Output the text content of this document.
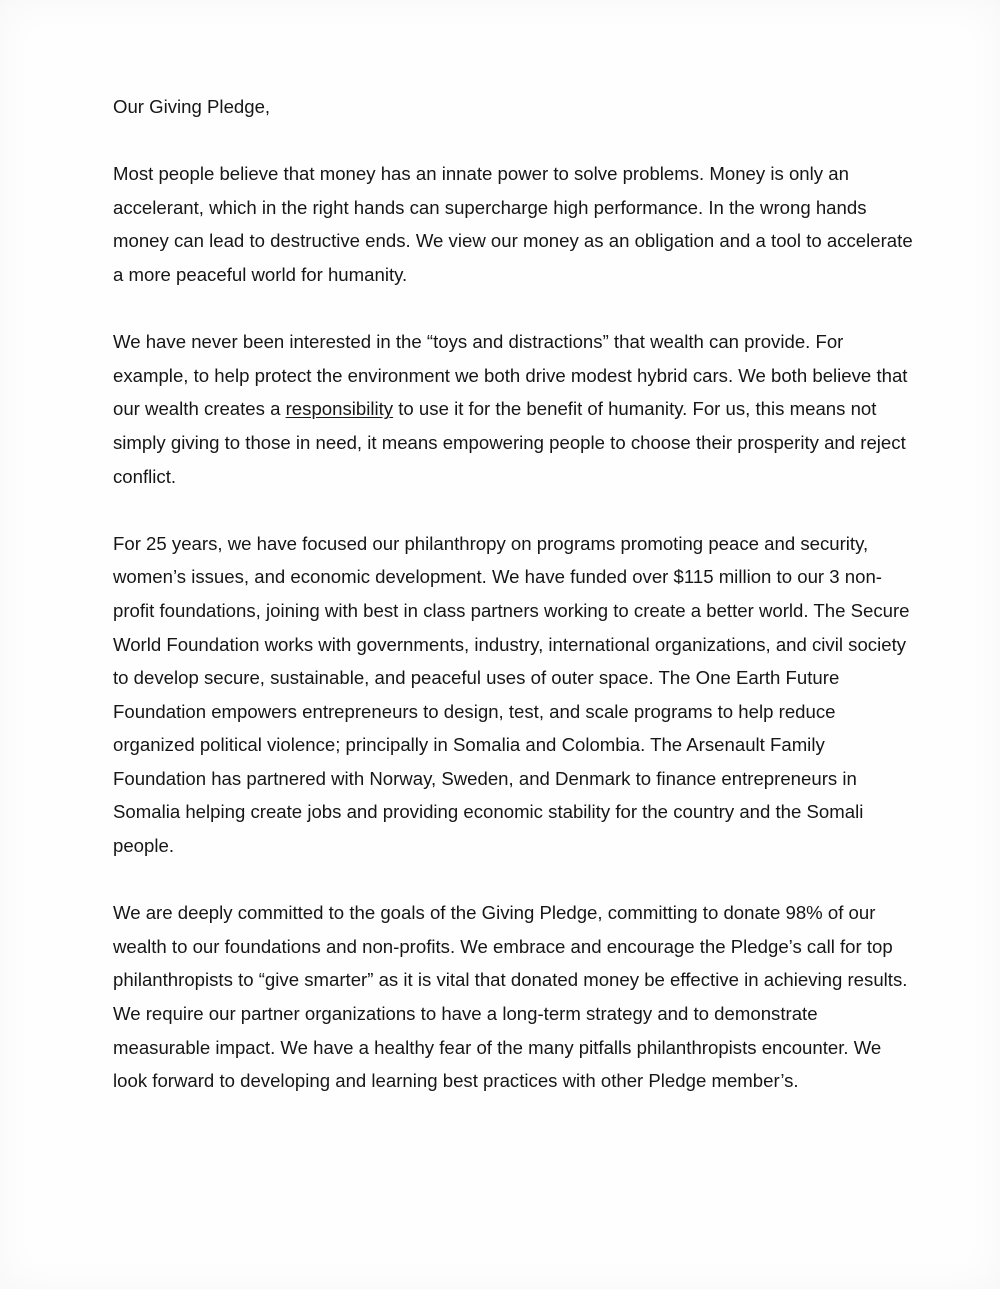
Our Giving Pledge,

Most people believe that money has an innate power to solve problems. Money is only an accelerant, which in the right hands can supercharge high performance. In the wrong hands money can lead to destructive ends. We view our money as an obligation and a tool to accelerate a more peaceful world for humanity.

We have never been interested in the “toys and distractions” that wealth can provide. For example, to help protect the environment we both drive modest hybrid cars. We both believe that our wealth creates a responsibility to use it for the benefit of humanity. For us, this means not simply giving to those in need, it means empowering people to choose their prosperity and reject conflict.

For 25 years, we have focused our philanthropy on programs promoting peace and security, women’s issues, and economic development. We have funded over $115 million to our 3 non-profit foundations, joining with best in class partners working to create a better world. The Secure World Foundation works with governments, industry, international organizations, and civil society to develop secure, sustainable, and peaceful uses of outer space. The One Earth Future Foundation empowers entrepreneurs to design, test, and scale programs to help reduce organized political violence; principally in Somalia and Colombia. The Arsenault Family Foundation has partnered with Norway, Sweden, and Denmark to finance entrepreneurs in Somalia helping create jobs and providing economic stability for the country and the Somali people.

We are deeply committed to the goals of the Giving Pledge, committing to donate 98% of our wealth to our foundations and non-profits. We embrace and encourage the Pledge’s call for top philanthropists to “give smarter” as it is vital that donated money be effective in achieving results. We require our partner organizations to have a long-term strategy and to demonstrate measurable impact. We have a healthy fear of the many pitfalls philanthropists encounter. We look forward to developing and learning best practices with other Pledge member’s.
